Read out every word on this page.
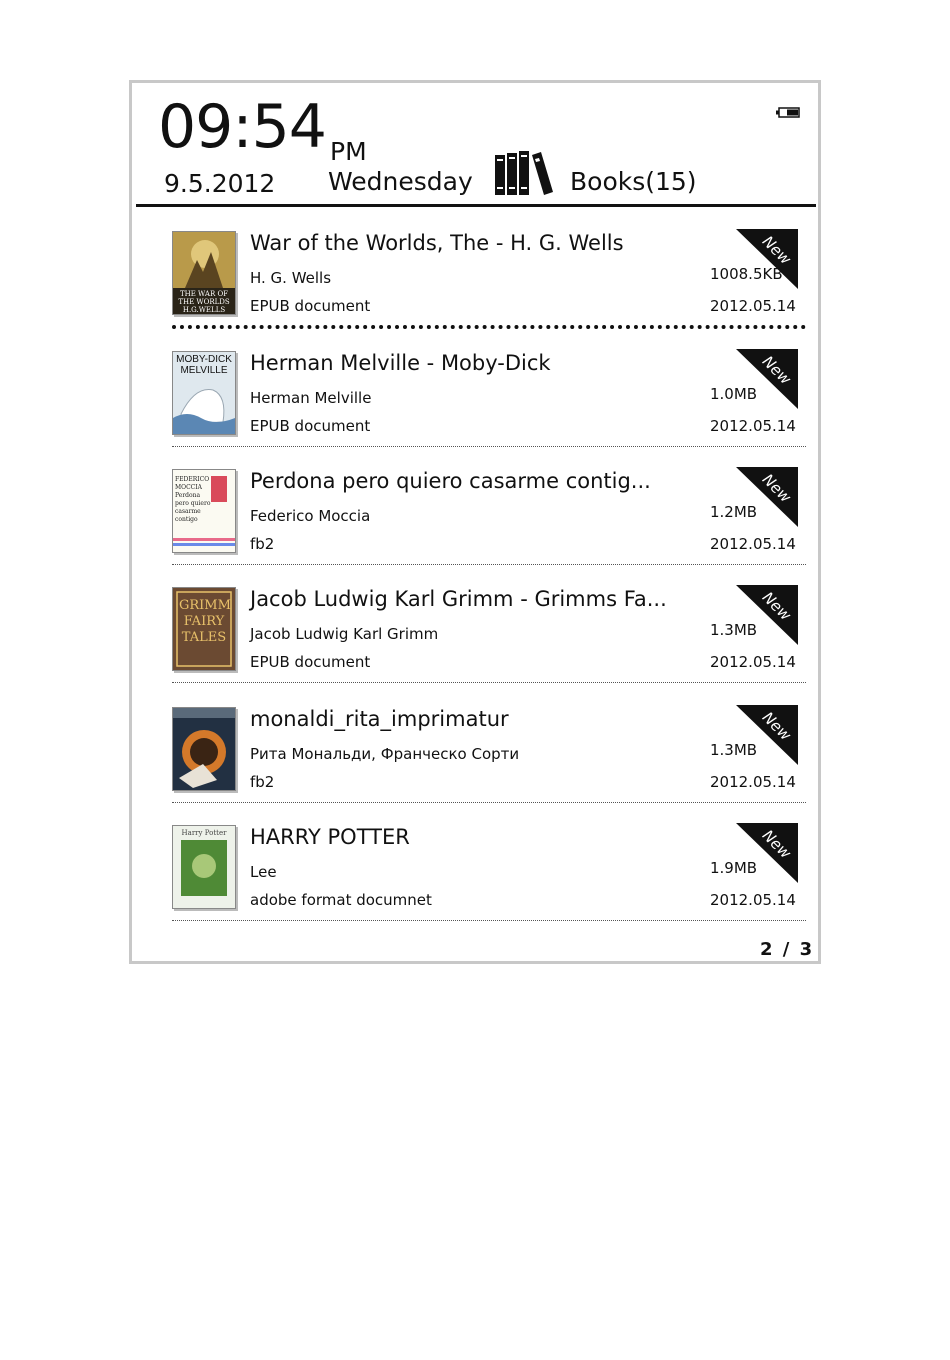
09:54 PM
9.5.2012 Wednesday	Books(15)
THE WAR OF THE WORLDS H.G.WELLS
War of the Worlds, The - H. G. Wells
H. G. Wells
EPUB document
New
1008.5KB
2012.05.14
MOBY-DICK MELVILLE	Herman Melville - Moby-Dick
Herman Melville
EPUB document
New
1.0MB
2012.05.14
FEDERICO MOCCIA Perdona pero quiero casarme contigo
Perdona pero quiero casarme contig...
Federico Moccia
fb2
New
1.2MB
2012.05.14
GRIMM FAIRY TALES
Jacob Ludwig Karl Grimm - Grimms Fa...
Jacob Ludwig Karl Grimm
EPUB document
New
1.3MB
2012.05.14
monaldi_rita_imprimatur
Рита Мональди, Франческо Сорти
fb2
New
1.3MB
2012.05.14
Harry Potter	HARRY POTTER
Lee
adobe format documnet
New
1.9MB
2012.05.14
2 / 3
